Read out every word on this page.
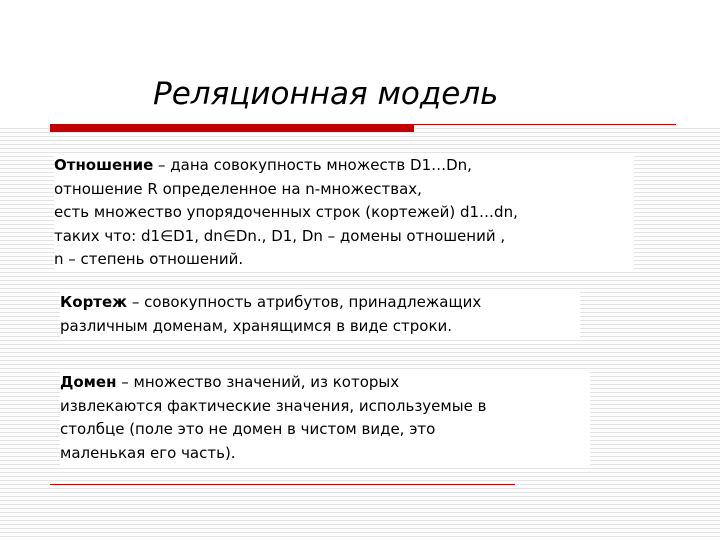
Реляционная модель
Отношение – дана совокупность множеств D1…Dn,
отношение R определенное на n-множествах,
есть множество упорядоченных строк (кортежей) d1…dn,
таких что: d1∈D1, dn∈Dn., D1, Dn – домены отношений ,
n – степень отношений.
Кортеж – совокупность атрибутов, принадлежащих
различным доменам, хранящимся в виде строки.
Домен – множество значений, из которых
извлекаются фактические значения, используемые в
столбце (поле это не домен в чистом виде, это
маленькая его часть).
